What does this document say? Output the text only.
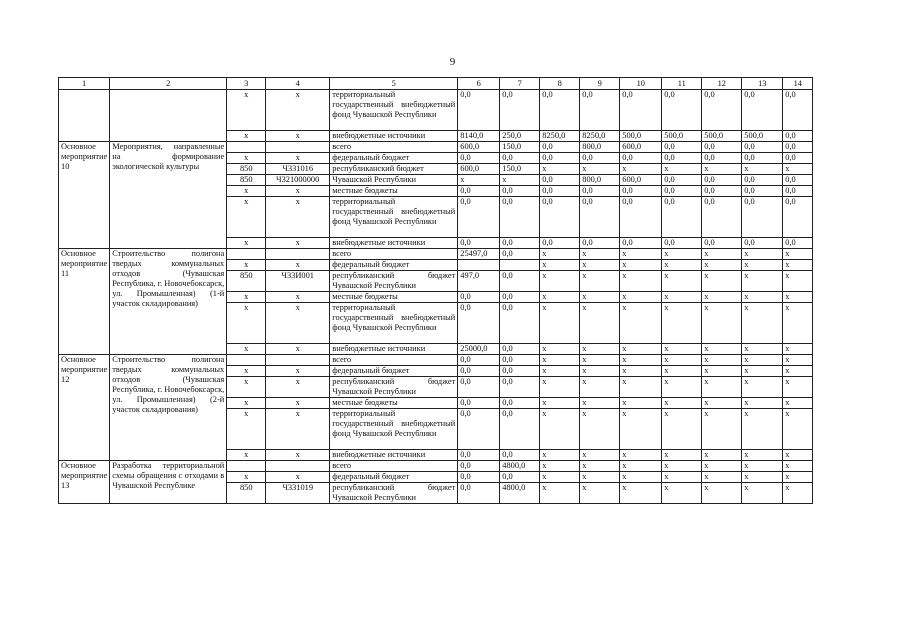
9
1	2	3	4	5	6	7	8	9	10	11	12	13	14
		х	х	территориальный государственный внебюджетный фонд Чувашской Республики	0,0	0,0	0,0	0,0	0,0	0,0	0,0	0,0	0,0
		х	х	внебюджетные источники	8140,0	250,0	8250,0	8250,0	500,0	500,0	500,0	500,0	0,0
Основное мероприятие 10	Мероприятия, направленные на формирование экологической культуры			всего	600,0	150,0	0,0	800,0	600,0	0,0	0,0	0,0	0,0
		х	х	федеральный бюджет	0,0	0,0	0,0	0,0	0,0	0,0	0,0	0,0	0,0
		850	Ч331016	республиканский бюджет	600,0	150,0	х	х	х	х	х	х	х
		850	Ч321000000	Чувашской Республики	х	х	0,0	800,0	600,0	0,0	0,0	0,0	0,0
		х	х	местные бюджеты	0,0	0,0	0,0	0,0	0,0	0,0	0,0	0,0	0,0
		х	х	территориальный государственный внебюджетный фонд Чувашской Республики	0,0	0,0	0,0	0,0	0,0	0,0	0,0	0,0	0,0
		х	х	внебюджетные источники	0,0	0,0	0,0	0,0	0,0	0,0	0,0	0,0	0,0
Основное мероприятие 11	Строительство полигона твердых коммунальных отходов (Чувашская Республика, г. Новочебоксарск, ул. Промышленная) (1-й участок складирования)			всего	25497,0	0,0	х	х	х	х	х	х	х
		х	х	федеральный бюджет			х	х	х	х	х	х	х
		850	Ч33И001	республиканский бюджет Чувашской Республики	497,0	0,0	х	х	х	х	х	х	х
		х	х	местные бюджеты	0,0	0,0	х	х	х	х	х	х	х
		х	х	территориальный государственный внебюджетный фонд Чувашской Республики	0,0	0,0	х	х	х	х	х	х	х
		х	х	внебюджетные источники	25000,0	0,0	х	х	х	х	х	х	х
Основное мероприятие 12	Строительство полигона твердых коммунальных отходов (Чувашская Республика, г. Новочебоксарск, ул. Промышленная) (2-й участок складирования)			всего	0,0	0,0	х	х	х	х	х	х	х
		х	х	федеральный бюджет	0,0	0,0	х	х	х	х	х	х	х
		х	х	республиканский бюджет Чувашской Республики	0,0	0,0	х	х	х	х	х	х	х
		х	х	местные бюджеты	0,0	0,0	х	х	х	х	х	х	х
		х	х	территориальный государственный внебюджетный фонд Чувашской Республики	0,0	0,0	х	х	х	х	х	х	х
		х	х	внебюджетные источники	0,0	0,0	х	х	х	х	х	х	х
Основное мероприятие 13	Разработка территориальной схемы обращения с отходами в Чувашской Республике			всего	0,0	4800,0	х	х	х	х	х	х	х
		х	х	федеральный бюджет	0,0	0,0	х	х	х	х	х	х	х
		850	Ч331019	республиканский бюджет Чувашской Республики	0,0	4800,0	х	х	х	х	х	х	х
